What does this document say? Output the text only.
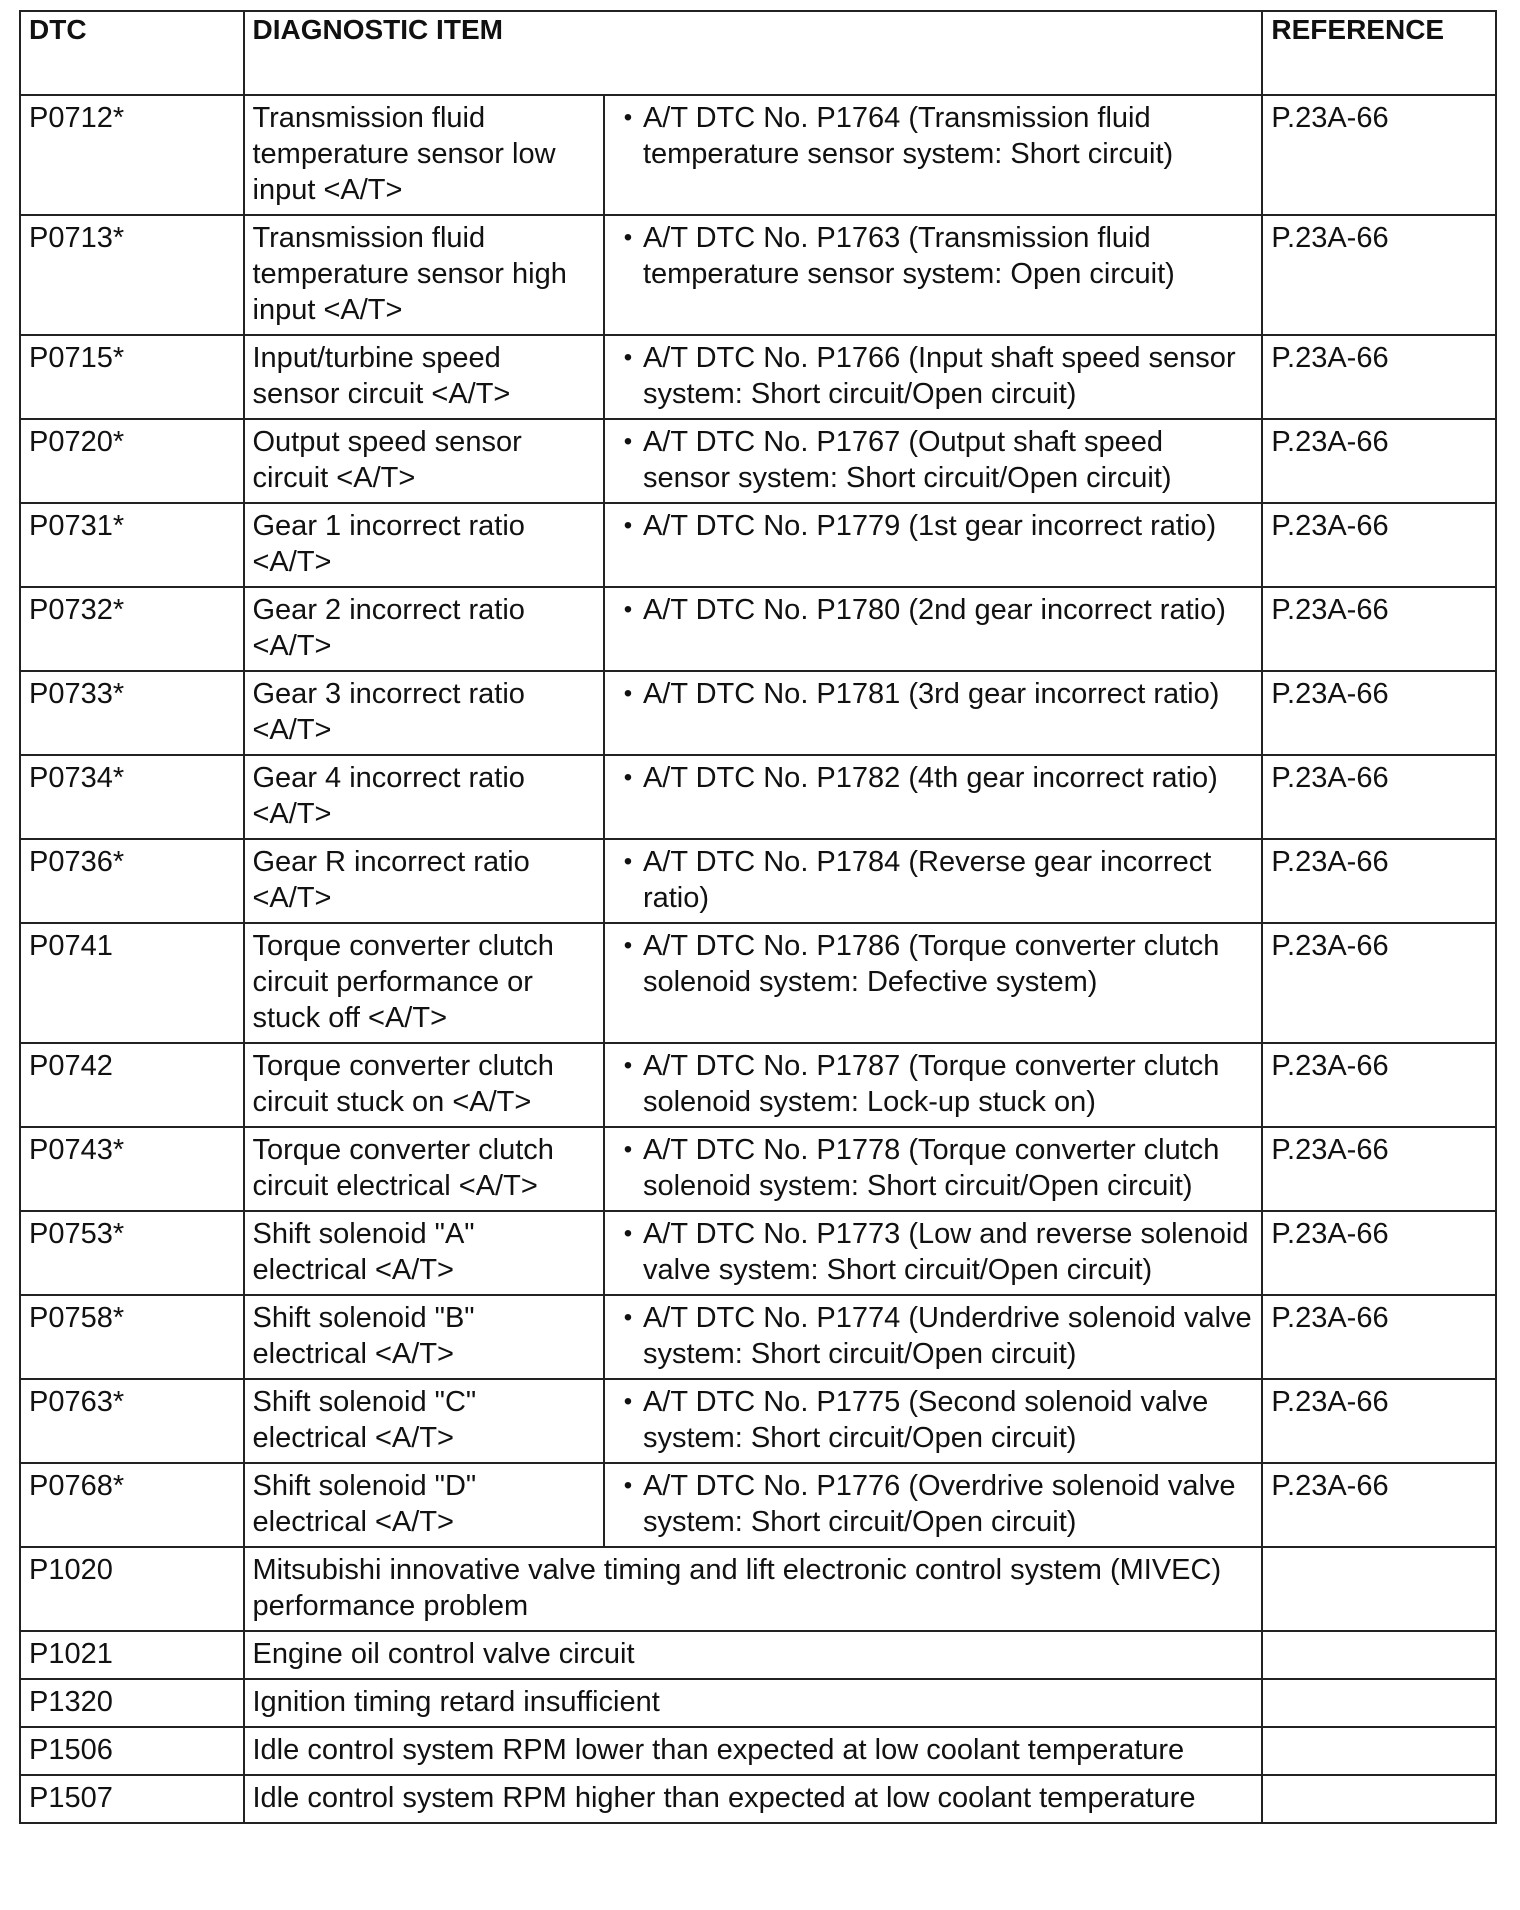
DTC	DIAGNOSTIC ITEM		REFERENCE
P0712*	Transmission fluid temperature sensor low input <A/T>	• A/T DTC No. P1764 (Transmission fluid temperature sensor system: Short circuit)	P.23A-66
P0713*	Transmission fluid temperature sensor high input <A/T>	• A/T DTC No. P1763 (Transmission fluid temperature sensor system: Open circuit)	P.23A-66
P0715*	Input/turbine speed sensor circuit <A/T>	• A/T DTC No. P1766 (Input shaft speed sensor system: Short circuit/Open circuit)	P.23A-66
P0720*	Output speed sensor circuit <A/T>	• A/T DTC No. P1767 (Output shaft speed sensor system: Short circuit/Open circuit)	P.23A-66
P0731*	Gear 1 incorrect ratio <A/T>	• A/T DTC No. P1779 (1st gear incorrect ratio)	P.23A-66
P0732*	Gear 2 incorrect ratio <A/T>	• A/T DTC No. P1780 (2nd gear incorrect ratio)	P.23A-66
P0733*	Gear 3 incorrect ratio <A/T>	• A/T DTC No. P1781 (3rd gear incorrect ratio)	P.23A-66
P0734*	Gear 4 incorrect ratio <A/T>	• A/T DTC No. P1782 (4th gear incorrect ratio)	P.23A-66
P0736*	Gear R incorrect ratio <A/T>	• A/T DTC No. P1784 (Reverse gear incorrect ratio)	P.23A-66
P0741	Torque converter clutch circuit performance or stuck off <A/T>	• A/T DTC No. P1786 (Torque converter clutch solenoid system: Defective system)	P.23A-66
P0742	Torque converter clutch circuit stuck on <A/T>	• A/T DTC No. P1787 (Torque converter clutch solenoid system: Lock-up stuck on)	P.23A-66
P0743*	Torque converter clutch circuit electrical <A/T>	• A/T DTC No. P1778 (Torque converter clutch solenoid system: Short circuit/Open circuit)	P.23A-66
P0753*	Shift solenoid "A" electrical <A/T>	• A/T DTC No. P1773 (Low and reverse solenoid valve system: Short circuit/Open circuit)	P.23A-66
P0758*	Shift solenoid "B" electrical <A/T>	• A/T DTC No. P1774 (Underdrive solenoid valve system: Short circuit/Open circuit)	P.23A-66
P0763*	Shift solenoid "C" electrical <A/T>	• A/T DTC No. P1775 (Second solenoid valve system: Short circuit/Open circuit)	P.23A-66
P0768*	Shift solenoid "D" electrical <A/T>	• A/T DTC No. P1776 (Overdrive solenoid valve system: Short circuit/Open circuit)	P.23A-66
P1020	Mitsubishi innovative valve timing and lift electronic control system (MIVEC) performance problem		
P1021	Engine oil control valve circuit		
P1320	Ignition timing retard insufficient		
P1506	Idle control system RPM lower than expected at low coolant temperature		
P1507	Idle control system RPM higher than expected at low coolant temperature		
